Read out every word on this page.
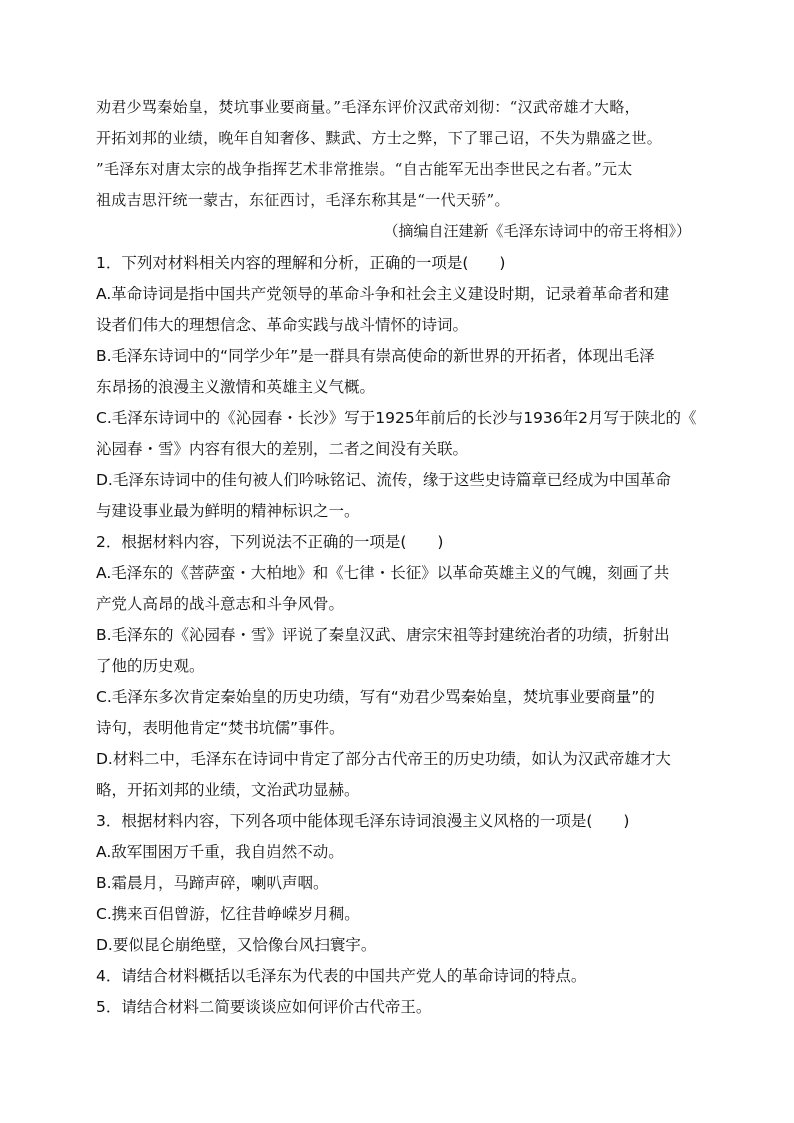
劝君少骂秦始皇，焚坑事业要商量。”毛泽东评价汉武帝刘彻：“汉武帝雄才大略，

开拓刘邦的业绩，晚年自知奢侈、黩武、方士之弊，下了罪己诏，不失为鼎盛之世。

”毛泽东对唐太宗的战争指挥艺术非常推崇。“自古能军无出李世民之右者。”元太

祖成吉思汗统一蒙古，东征西讨，毛泽东称其是“一代天骄”。

（摘编自汪建新《毛泽东诗词中的帝王将相》）

1．下列对材料相关内容的理解和分析，正确的一项是(　　)

A.革命诗词是指中国共产党领导的革命斗争和社会主义建设时期，记录着革命者和建

设者们伟大的理想信念、革命实践与战斗情怀的诗词。

B.毛泽东诗词中的“同学少年”是一群具有崇高使命的新世界的开拓者，体现出毛泽

东昂扬的浪漫主义激情和英雄主义气概。

C.毛泽东诗词中的《沁园春・长沙》写于1925年前后的长沙与1936年2月写于陕北的《

沁园春・雪》内容有很大的差别，二者之间没有关联。

D.毛泽东诗词中的佳句被人们吟咏铭记、流传，缘于这些史诗篇章已经成为中国革命

与建设事业最为鲜明的精神标识之一。

2．根据材料内容，下列说法不正确的一项是(　　)

A.毛泽东的《菩萨蛮・大柏地》和《七律・长征》以革命英雄主义的气魄，刻画了共

产党人高昂的战斗意志和斗争风骨。

B.毛泽东的《沁园春・雪》评说了秦皇汉武、唐宗宋祖等封建统治者的功绩，折射出

了他的历史观。

C.毛泽东多次肯定秦始皇的历史功绩，写有“劝君少骂秦始皇，焚坑事业要商量”的

诗句，表明他肯定“焚书坑儒”事件。

D.材料二中，毛泽东在诗词中肯定了部分古代帝王的历史功绩，如认为汉武帝雄才大

略，开拓刘邦的业绩，文治武功显赫。

3．根据材料内容，下列各项中能体现毛泽东诗词浪漫主义风格的一项是(　　)

A.敌军围困万千重，我自岿然不动。

B.霜晨月，马蹄声碎，喇叭声咽。

C.携来百侣曾游，忆往昔峥嵘岁月稠。

D.要似昆仑崩绝壁，又恰像台风扫寰宇。

4．请结合材料概括以毛泽东为代表的中国共产党人的革命诗词的特点。

5．请结合材料二简要谈谈应如何评价古代帝王。
